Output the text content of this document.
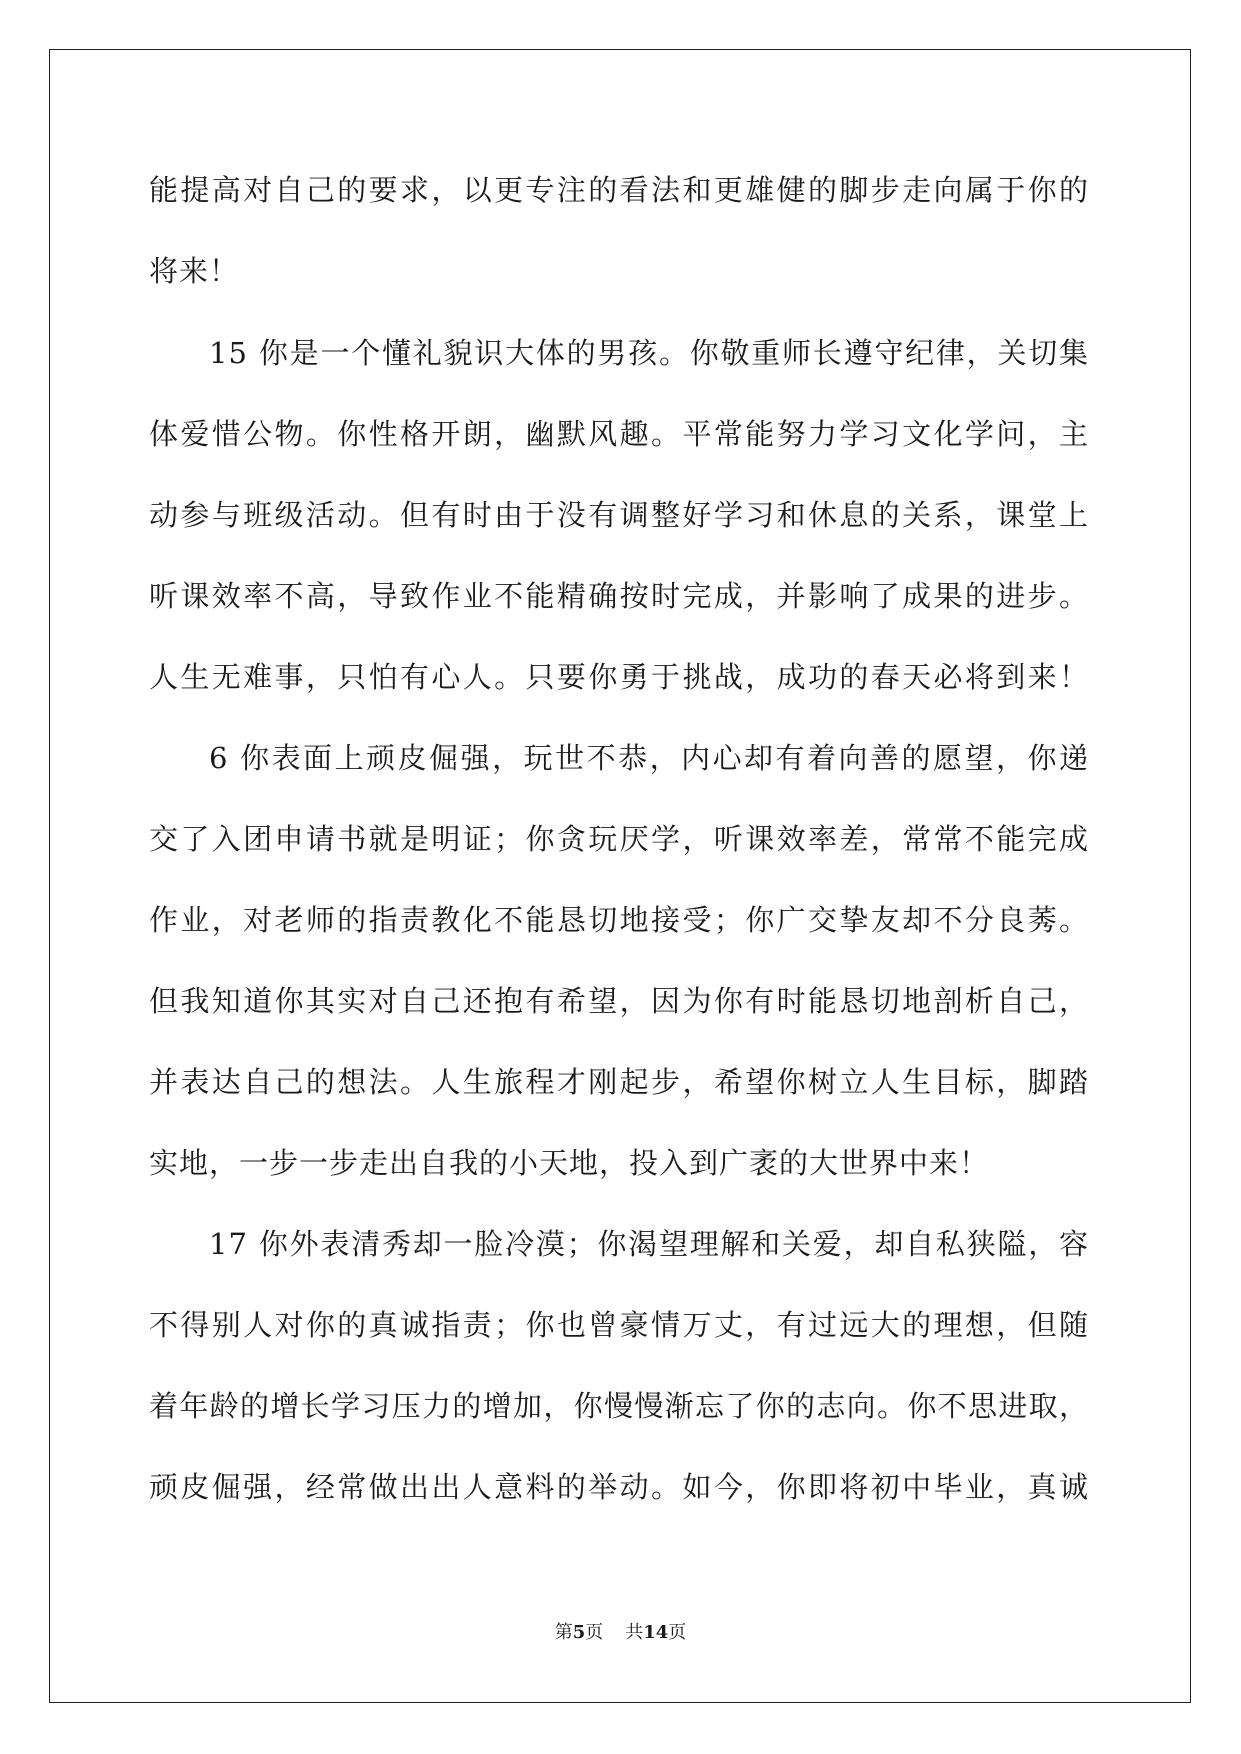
能提高对自己的要求，以更专注的看法和更雄健的脚步走向属于你的
将来！
15 你是一个懂礼貌识大体的男孩。你敬重师长遵守纪律，关切集
体爱惜公物。你性格开朗，幽默风趣。平常能努力学习文化学问，主
动参与班级活动。但有时由于没有调整好学习和休息的关系，课堂上
听课效率不高，导致作业不能精确按时完成，并影响了成果的进步。
人生无难事，只怕有心人。只要你勇于挑战，成功的春天必将到来！
6 你表面上顽皮倔强，玩世不恭，内心却有着向善的愿望，你递
交了入团申请书就是明证；你贪玩厌学，听课效率差，常常不能完成
作业，对老师的指责教化不能恳切地接受；你广交挚友却不分良莠。
但我知道你其实对自己还抱有希望，因为你有时能恳切地剖析自己，
并表达自己的想法。人生旅程才刚起步，希望你树立人生目标，脚踏
实地，一步一步走出自我的小天地，投入到广袤的大世界中来！
17 你外表清秀却一脸冷漠；你渴望理解和关爱，却自私狭隘，容
不得别人对你的真诚指责；你也曾豪情万丈，有过远大的理想，但随
着年龄的增长学习压力的增加，你慢慢渐忘了你的志向。你不思进取，
顽皮倔强，经常做出出人意料的举动。如今，你即将初中毕业，真诚
第5页 共14页
